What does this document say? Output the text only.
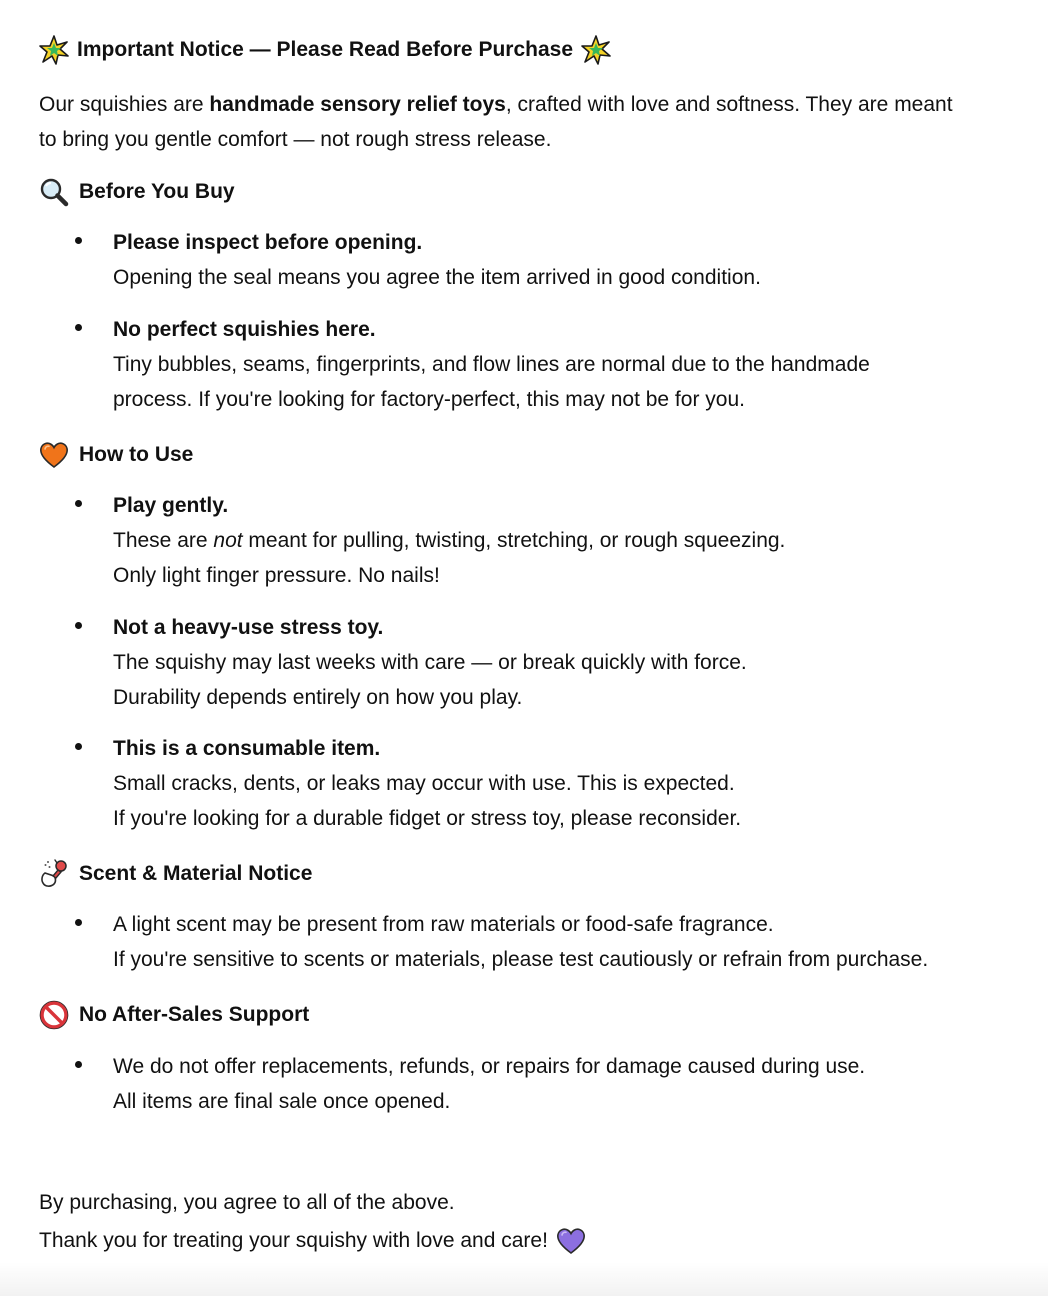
Important Notice — Please Read Before Purchase
Our squishies are handmade sensory relief toys, crafted with love and softness. They are meant
to bring you gentle comfort — not rough stress release.
Before You Buy
Please inspect before opening.
Opening the seal means you agree the item arrived in good condition.
No perfect squishies here.
Tiny bubbles, seams, fingerprints, and flow lines are normal due to the handmade
process. If you're looking for factory-perfect, this may not be for you.
How to Use
Play gently.
These are not meant for pulling, twisting, stretching, or rough squeezing.
Only light finger pressure. No nails!
Not a heavy-use stress toy.
The squishy may last weeks with care — or break quickly with force.
Durability depends entirely on how you play.
This is a consumable item.
Small cracks, dents, or leaks may occur with use. This is expected.
If you're looking for a durable fidget or stress toy, please reconsider.
Scent & Material Notice
A light scent may be present from raw materials or food-safe fragrance.
If you're sensitive to scents or materials, please test cautiously or refrain from purchase.
No After-Sales Support
We do not offer replacements, refunds, or repairs for damage caused during use.
All items are final sale once opened.
By purchasing, you agree to all of the above.
Thank you for treating your squishy with love and care!
